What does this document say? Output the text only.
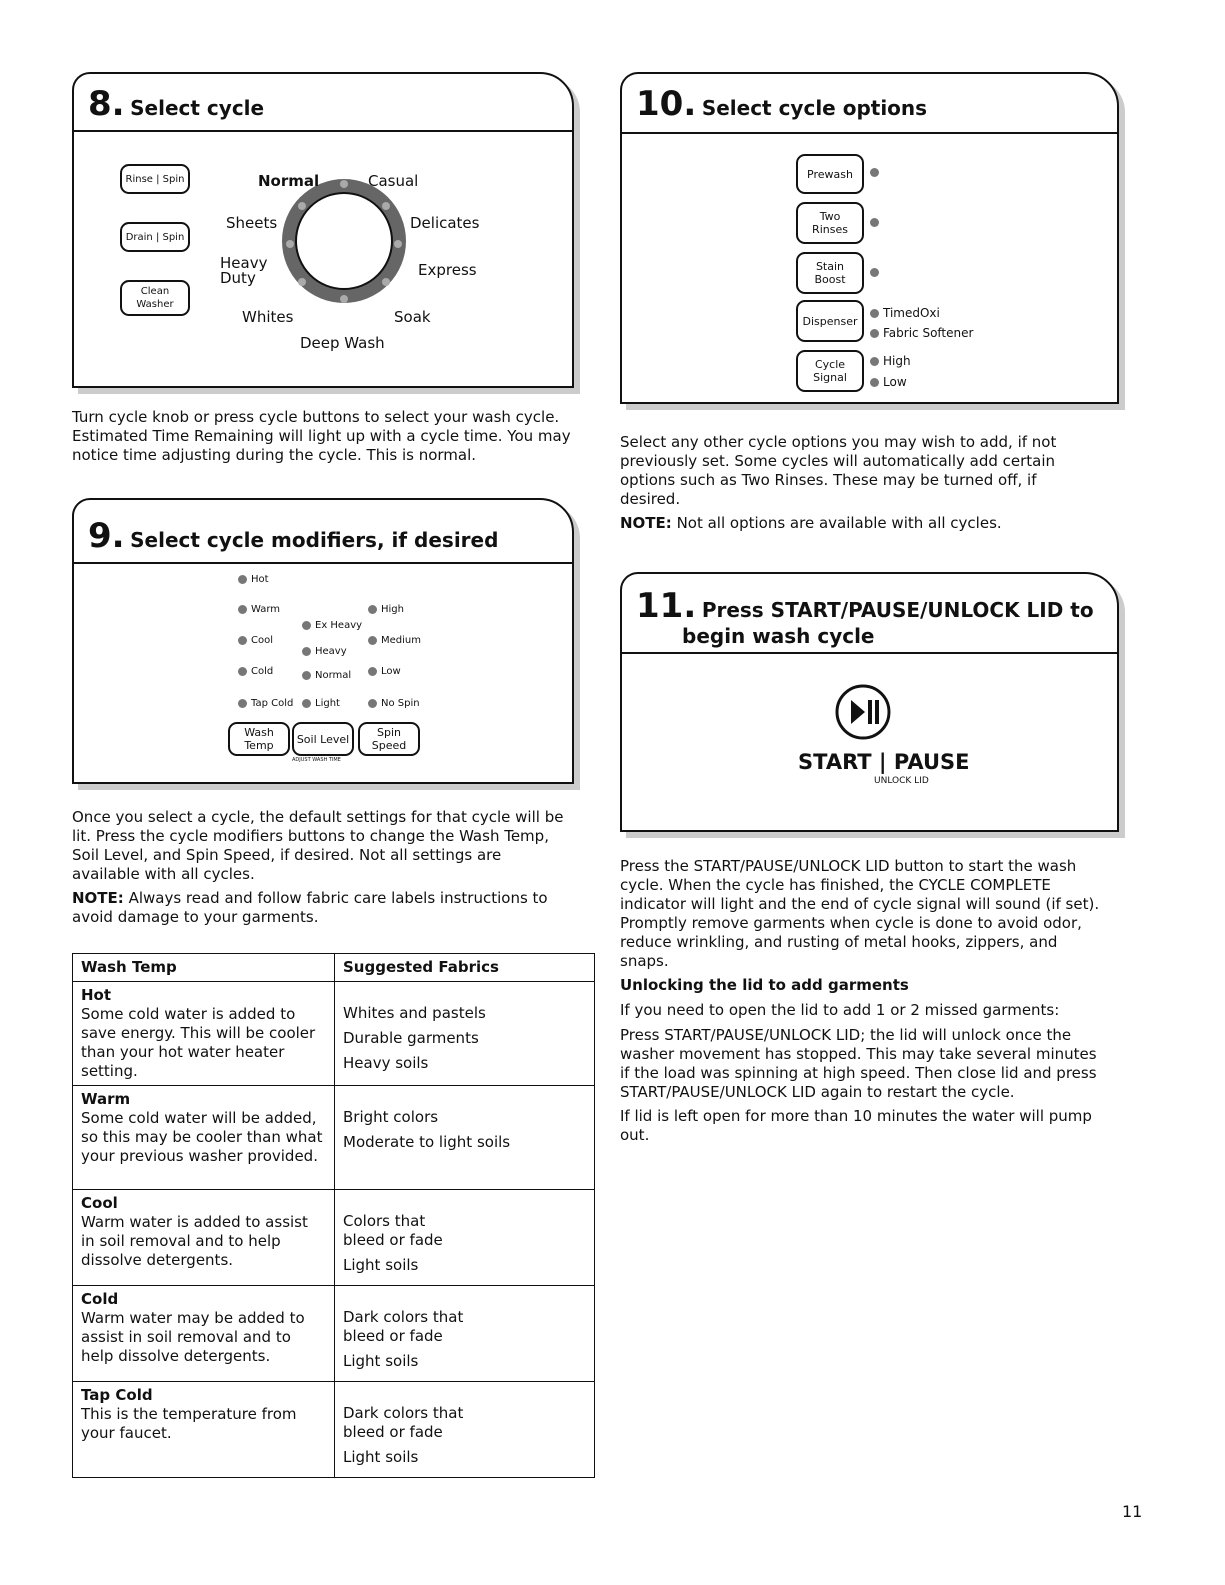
8. Select cycle
Rinse | Spin
Drain | Spin
Clean Washer
Normal	Casual
Sheets	Delicates
Heavy Duty	Express
Whites	Soak
Deep Wash
Turn cycle knob or press cycle buttons to select your wash cycle. Estimated Time Remaining will light up with a cycle time. You may notice time adjusting during the cycle. This is normal.
9. Select cycle modifiers, if desired
Hot
Warm
Cool
Cold
Tap Cold
Ex Heavy
Heavy
Normal
Light
High
Medium
Low
No Spin
Wash Temp	Soil Level	Spin Speed
ADJUST WASH TIME
Once you select a cycle, the default settings for that cycle will be lit. Press the cycle modifiers buttons to change the Wash Temp, Soil Level, and Spin Speed, if desired. Not all settings are available with all cycles.
NOTE: Always read and follow fabric care labels instructions to avoid damage to your garments.
Wash Temp	Suggested Fabrics

Hot
Some cold water is added to save energy. This will be cooler than your hot water heater setting.	Whites and pastels
Durable garments
Heavy soils

Warm
Some cold water will be added, so this may be cooler than what your previous washer provided.	Bright colors
Moderate to light soils

Cool
Warm water is added to assist in soil removal and to help dissolve detergents.	Colors that bleed or fade
Light soils

Cold
Warm water may be added to assist in soil removal and to help dissolve detergents.	Dark colors that bleed or fade
Light soils

Tap Cold
This is the temperature from your faucet.	Dark colors that bleed or fade
Light soils
10. Select cycle options
Prewash
Two Rinses
Stain Boost
Dispenser
TimedOxi
Fabric Softener
Cycle Signal
High
Low
Select any other cycle options you may wish to add, if not previously set. Some cycles will automatically add certain options such as Two Rinses. These may be turned off, if desired.
NOTE: Not all options are available with all cycles.
11. Press START/PAUSE/UNLOCK LID to
begin wash cycle
START | PAUSE
UNLOCK LID
Press the START/PAUSE/UNLOCK LID button to start the wash cycle. When the cycle has finished, the CYCLE COMPLETE indicator will light and the end of cycle signal will sound (if set). Promptly remove garments when cycle is done to avoid odor, reduce wrinkling, and rusting of metal hooks, zippers, and snaps.
Unlocking the lid to add garments
If you need to open the lid to add 1 or 2 missed garments:
Press START/PAUSE/UNLOCK LID; the lid will unlock once the washer movement has stopped. This may take several minutes if the load was spinning at high speed. Then close lid and press START/PAUSE/UNLOCK LID again to restart the cycle.
If lid is left open for more than 10 minutes the water will pump out.
11
